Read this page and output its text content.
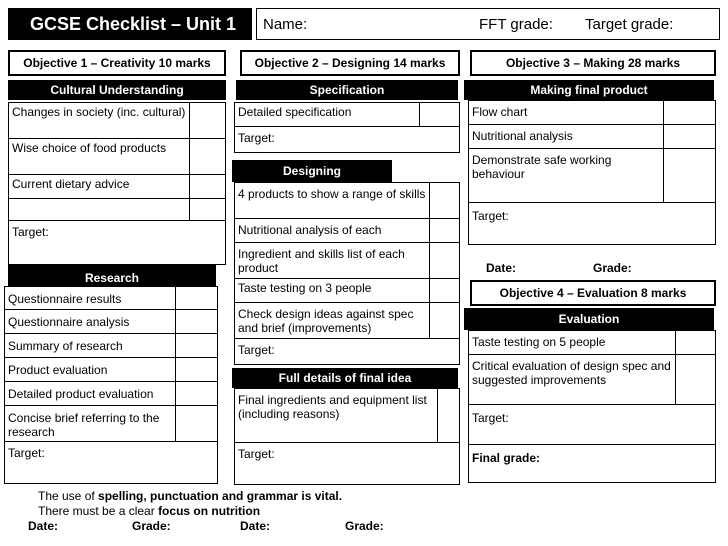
GCSE Checklist – Unit 1	Name:	FFT grade: Target grade:
Objective 1 – Creativity 10 marks
Cultural Understanding
Changes in society (inc. cultural)	
Wise choice of food products	
Current dietary advice	

Target:	
Research
Questionnaire results	
Questionnaire analysis	
Summary of research	
Product evaluation	
Detailed product evaluation	
Concise brief referring to the research	
Target:	
Objective 2 – Designing 14 marks
Specification
Detailed specification	
Target:
Designing
4 products to show a range of skills	
Nutritional analysis of each	
Ingredient and skills list of each product	
Taste testing on 3 people	
Check design ideas against spec and brief (improvements)	
Target:	
Full details of final idea
Final ingredients and equipment list (including reasons)	
Target:
Objective 3 – Making 28 marks
Making final product
Flow chart	
Nutritional analysis	
Demonstrate safe working behaviour	
Target:	
Date:	Grade:
Objective 4 – Evaluation 8 marks
Evaluation
Taste testing on 5 people	
Critical evaluation of design spec and suggested improvements	
Target:	
Final grade:	
The use of spelling, punctuation and grammar is vital.
There must be a clear focus on nutrition
Date:	Grade:	Date:	Grade:
